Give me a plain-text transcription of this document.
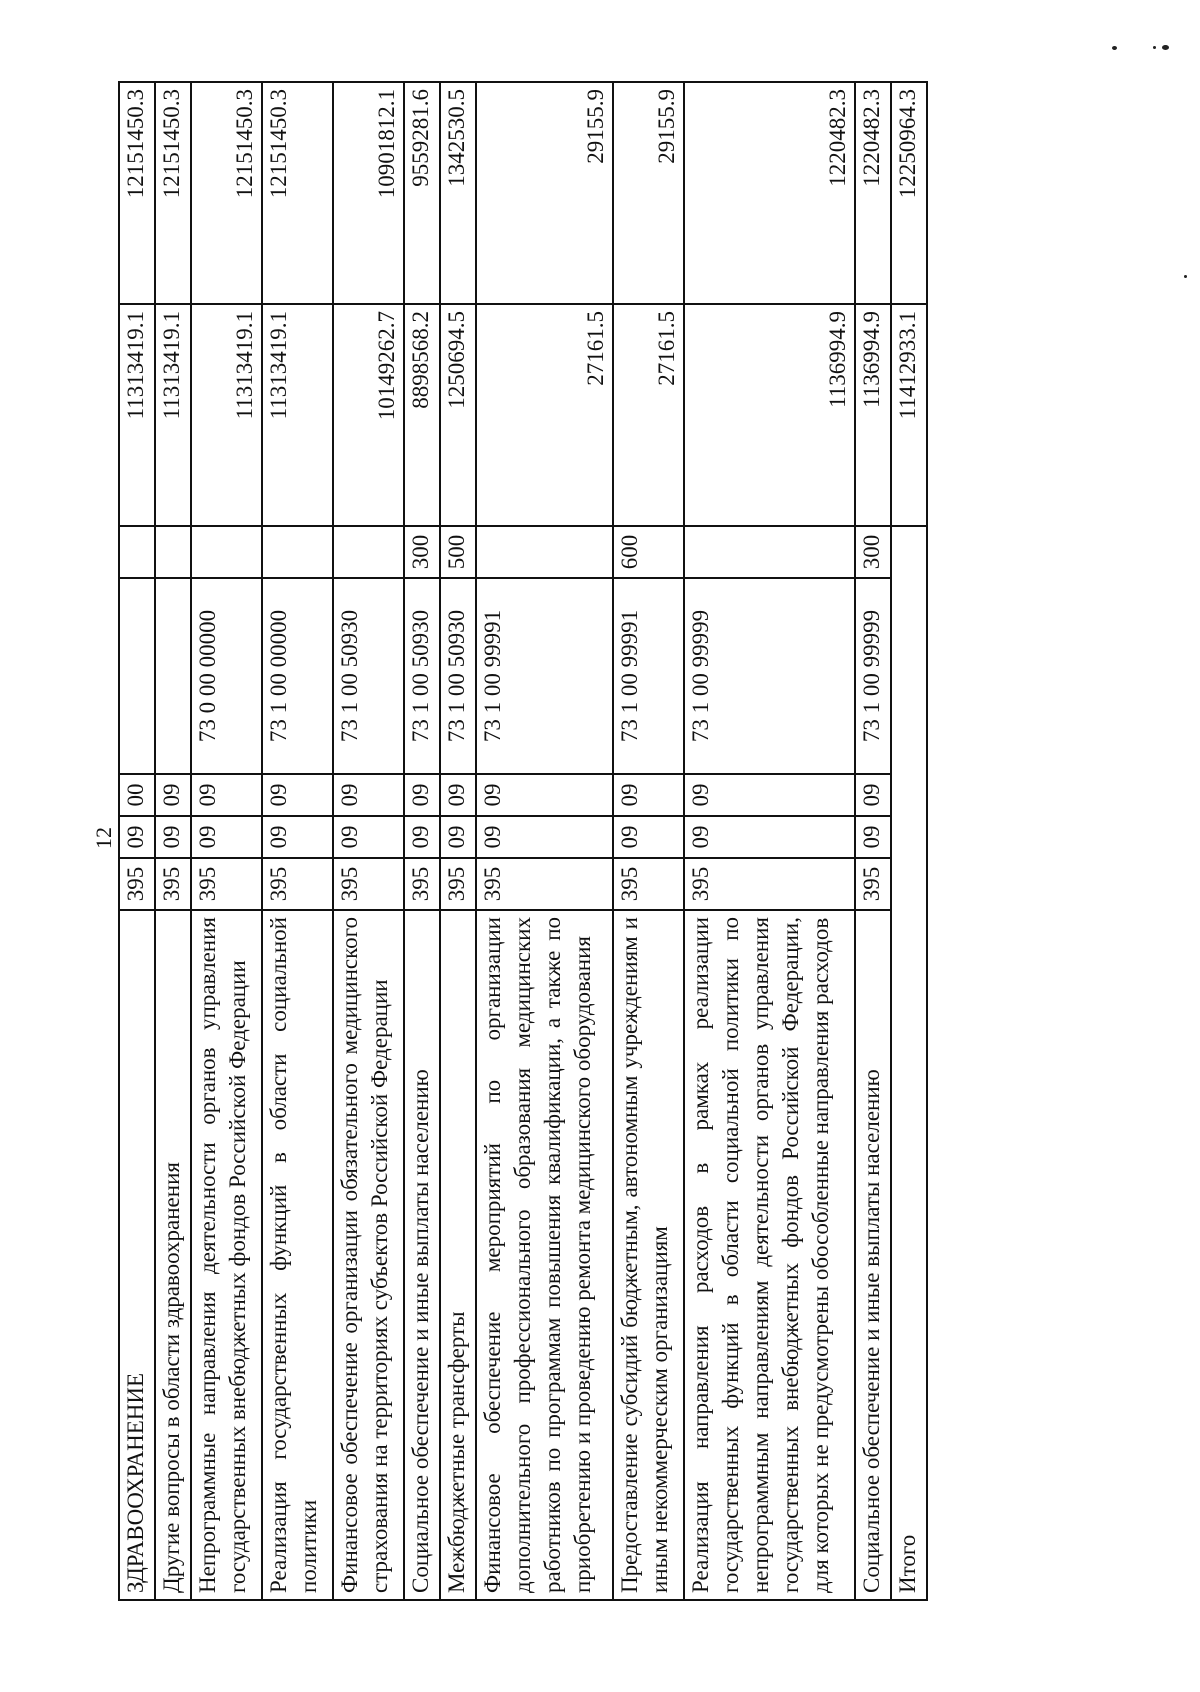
12
ЗДРАВООХРАНЕНИЕ	395	09	00			11313419.1	12151450.3
Другие вопросы в области здравоохранения	395	09	09			11313419.1	12151450.3
Непрограммные направления деятельности органов управления государственных внебюджетных фондов Российской Федерации	395	09	09	73 0 00 00000		11313419.1	12151450.3
Реализация государственных функций в области социальной политики	395	09	09	73 1 00 00000		11313419.1	12151450.3
Финансовое обеспечение организации обязательного медицинского страхования на территориях субъектов Российской Федерации	395	09	09	73 1 00 50930		10149262.7	10901812.1
Социальное обеспечение и иные выплаты населению	395	09	09	73 1 00 50930	300	8898568.2	9559281.6
Межбюджетные трансферты	395	09	09	73 1 00 50930	500	1250694.5	1342530.5
Финансовое обеспечение мероприятий по организации дополнительного профессионального образования медицинских работников по программам повышения квалификации, а также по приобретению и проведению ремонта медицинского оборудования	395	09	09	73 1 00 99991		27161.5	29155.9
Предоставление субсидий бюджетным, автономным учреждениям и иным некоммерческим организациям	395	09	09	73 1 00 99991	600	27161.5	29155.9
Реализация направления расходов в рамках реализации государственных функций в области социальной политики по непрограммным направлениям деятельности органов управления государственных внебюджетных фондов Российской Федерации, для которых не предусмотрены обособленные направления расходов	395	09	09	73 1 00 99999		1136994.9	1220482.3
Социальное обеспечение и иные выплаты населению	395	09	09	73 1 00 99999	300	1136994.9	1220482.3
Итого						11412933.1	12250964.3
